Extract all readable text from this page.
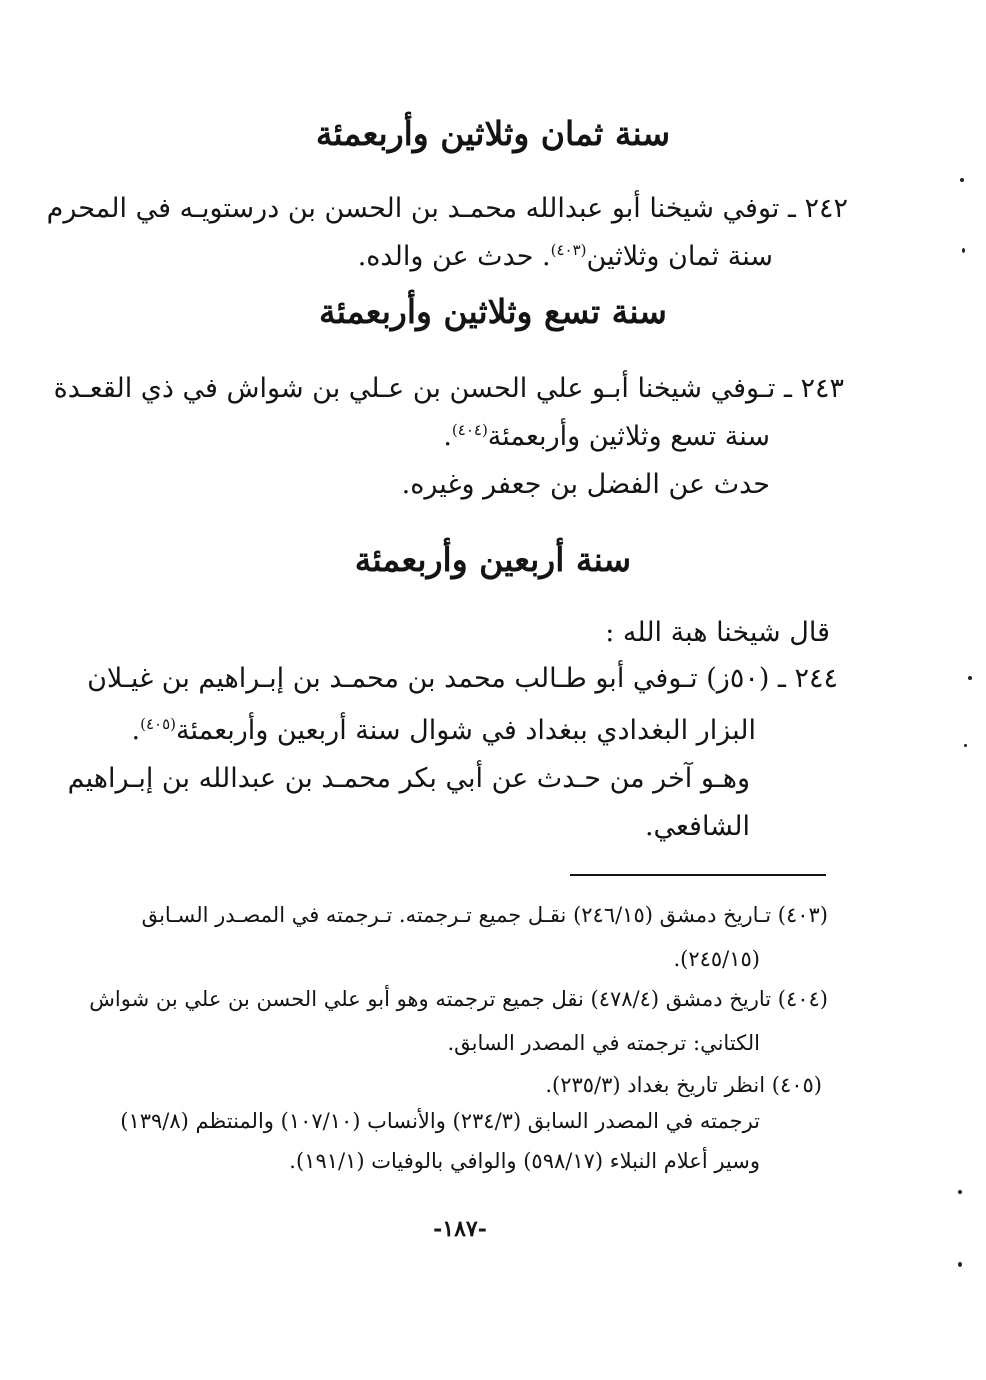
سنة ثمان وثلاثين وأربعمئة
٢٤٢ ـ توفي شيخنا أبو عبدالله محمـد بن الحسن بن درستويـه في المحرم
سنة ثمان وثلاثين$^{(٤٠٣)}$. حدث عن والده.
سنة تسع وثلاثين وأربعمئة
٢٤٣ ـ تـوفي شيخنا أبـو علي الحسن بن عـلي بن شواش في ذي القعـدة
سنة تسع وثلاثين وأربعمئة$^{(٤٠٤)}$.
حدث عن الفضل بن جعفر وغيره.
سنة أربعين وأربعمئة
قال شيخنا هبة الله :
٢٤٤ ـ (٥٠ز) تـوفي أبو طـالب محمد بن محمـد بن إبـراهيم بن غيـلان
البزار البغدادي ببغداد في شوال سنة أربعين وأربعمئة$^{(٤٠٥)}$.
وهـو آخر من حـدث عن أبي بكر محمـد بن عبدالله بن إبـراهيم
الشافعي.
(٤٠٣) تـاريخ دمشق (٢٤٦/١٥) نقـل جميع تـرجمته. تـرجمته في المصـدر السـابق
(٢٤٥/١٥).
(٤٠٤) تاريخ دمشق (٤٧٨/٤) نقل جميع ترجمته وهو أبو علي الحسن بن علي بن شواش
الكتاني: ترجمته في المصدر السابق.
(٤٠٥) انظر تاريخ بغداد (٢٣٥/٣).
ترجمته في المصدر السابق (٢٣٤/٣) والأنساب (١٠٧/١٠) والمنتظم (١٣٩/٨)
وسير أعلام النبلاء (٥٩٨/١٧) والوافي بالوفيات (١٩١/١).
-١٨٧-
